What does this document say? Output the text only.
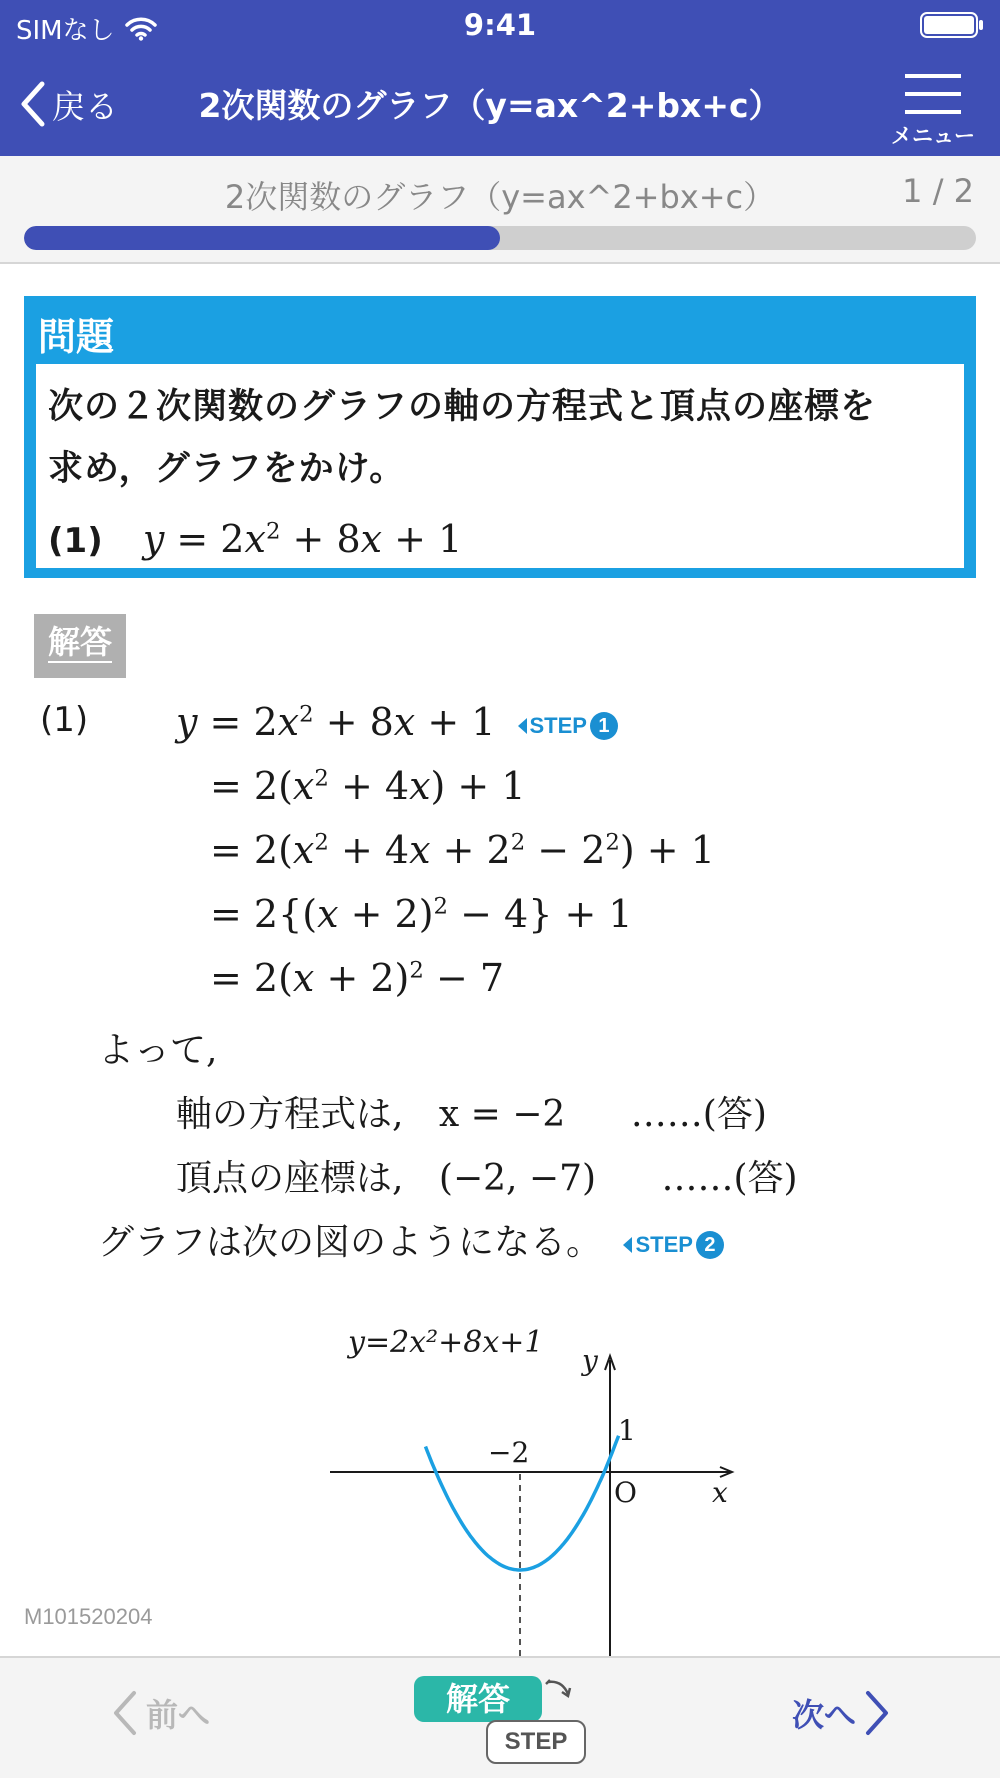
SIMなし	9:41
戻る	2次関数のグラフ（y=ax^2+bx+c）
メニュー
2次関数のグラフ（y=ax^2+bx+c）	1 / 2
問題
次の２次関数のグラフの軸の方程式と頂点の座標を
求め，グラフをかけ。
(1) $y = 2x^2 + 8x + 1$
解答
(1) $y = 2x^2 + 8x + 1$ STEP 1
= $2(x^2 + 4x) + 1$
= $2(x^2 + 4x + 2^2 - 2^2) + 1$
= $2\{(x + 2)^2 - 4\} + 1$
= $2(x + 2)^2 - 7$
よって,
軸の方程式は, x = −2 ……(答)
頂点の座標は, (−2, −7) ……(答)
グラフは次の図のようになる。 STEP 2
y=2x²+8x+1
y
x
O
1
−2
M101520204
前へ	解答
STEP
次へ
